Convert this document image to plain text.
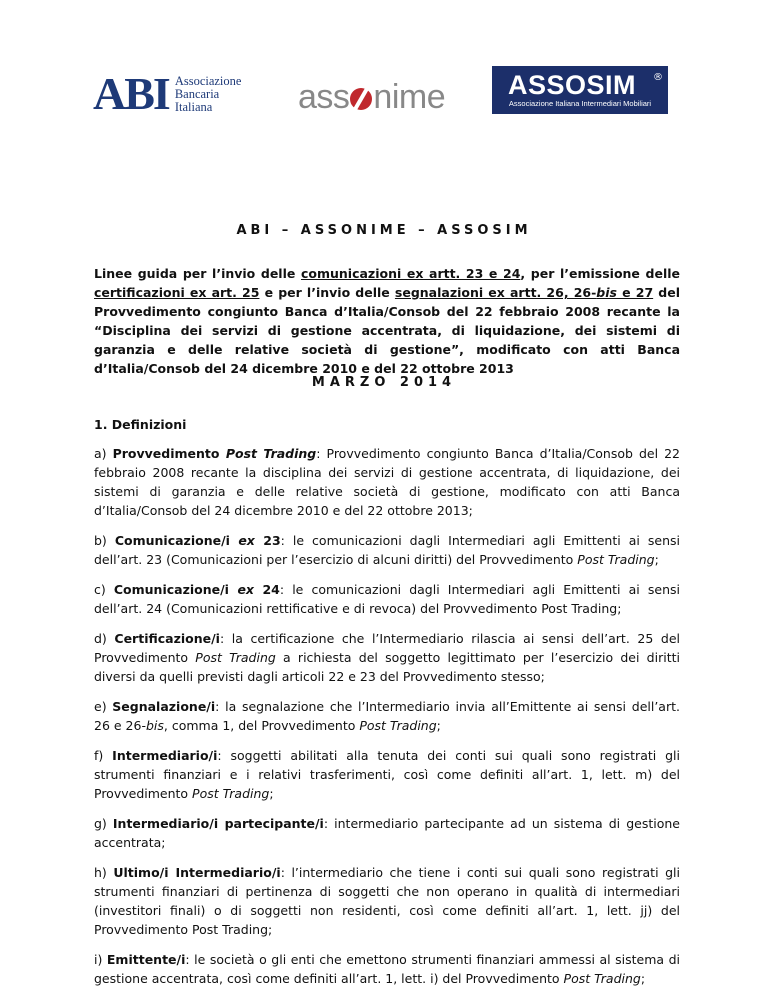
ABI Associazione
Bancaria
Italiana	ass nime	ASSOSIM	®
Associazione Italiana Intermediari Mobiliari
ABI – ASSONIME – ASSOSIM
Linee guida per l’invio delle comunicazioni ex artt. 23 e 24, per l’emissione delle certificazioni ex art. 25 e per l’invio delle segnalazioni ex artt. 26, 26-bis e 27 del Provvedimento congiunto Banca d’Italia/Consob del 22 febbraio 2008 recante la “Disciplina dei servizi di gestione accentrata, di liquidazione, dei sistemi di garanzia e delle relative società di gestione”, modificato con atti Banca d’Italia/Consob del 24 dicembre 2010 e del 22 ottobre 2013
MARZO 2014
1. Definizioni

a) Provvedimento Post Trading: Provvedimento congiunto Banca d’Italia/Consob del 22 febbraio 2008 recante la disciplina dei servizi di gestione accentrata, di liquidazione, dei sistemi di garanzia e delle relative società di gestione, modificato con atti Banca d’Italia/Consob del 24 dicembre 2010 e del 22 ottobre 2013;

b) Comunicazione/i ex 23: le comunicazioni dagli Intermediari agli Emittenti ai sensi dell’art. 23 (Comunicazioni per l’esercizio di alcuni diritti) del Provvedimento Post Trading;

c) Comunicazione/i ex 24: le comunicazioni dagli Intermediari agli Emittenti ai sensi dell’art. 24 (Comunicazioni rettificative e di revoca) del Provvedimento Post Trading;

d) Certificazione/i: la certificazione che l’Intermediario rilascia ai sensi dell’art. 25 del Provvedimento Post Trading a richiesta del soggetto legittimato per l’esercizio dei diritti diversi da quelli previsti dagli articoli 22 e 23 del Provvedimento stesso;

e) Segnalazione/i: la segnalazione che l’Intermediario invia all’Emittente ai sensi dell’art. 26 e 26-bis, comma 1, del Provvedimento Post Trading;

f) Intermediario/i: soggetti abilitati alla tenuta dei conti sui quali sono registrati gli strumenti finanziari e i relativi trasferimenti, così come definiti all’art. 1, lett. m) del Provvedimento Post Trading;

g) Intermediario/i partecipante/i: intermediario partecipante ad un sistema di gestione accentrata;

h) Ultimo/i Intermediario/i: l’intermediario che tiene i conti sui quali sono registrati gli strumenti finanziari di pertinenza di soggetti che non operano in qualità di intermediari (investitori finali) o di soggetti non residenti, così come definiti all’art. 1, lett. jj) del Provvedimento Post Trading;

i) Emittente/i: le società o gli enti che emettono strumenti finanziari ammessi al sistema di gestione accentrata, così come definiti all’art. 1, lett. i) del Provvedimento Post Trading;
